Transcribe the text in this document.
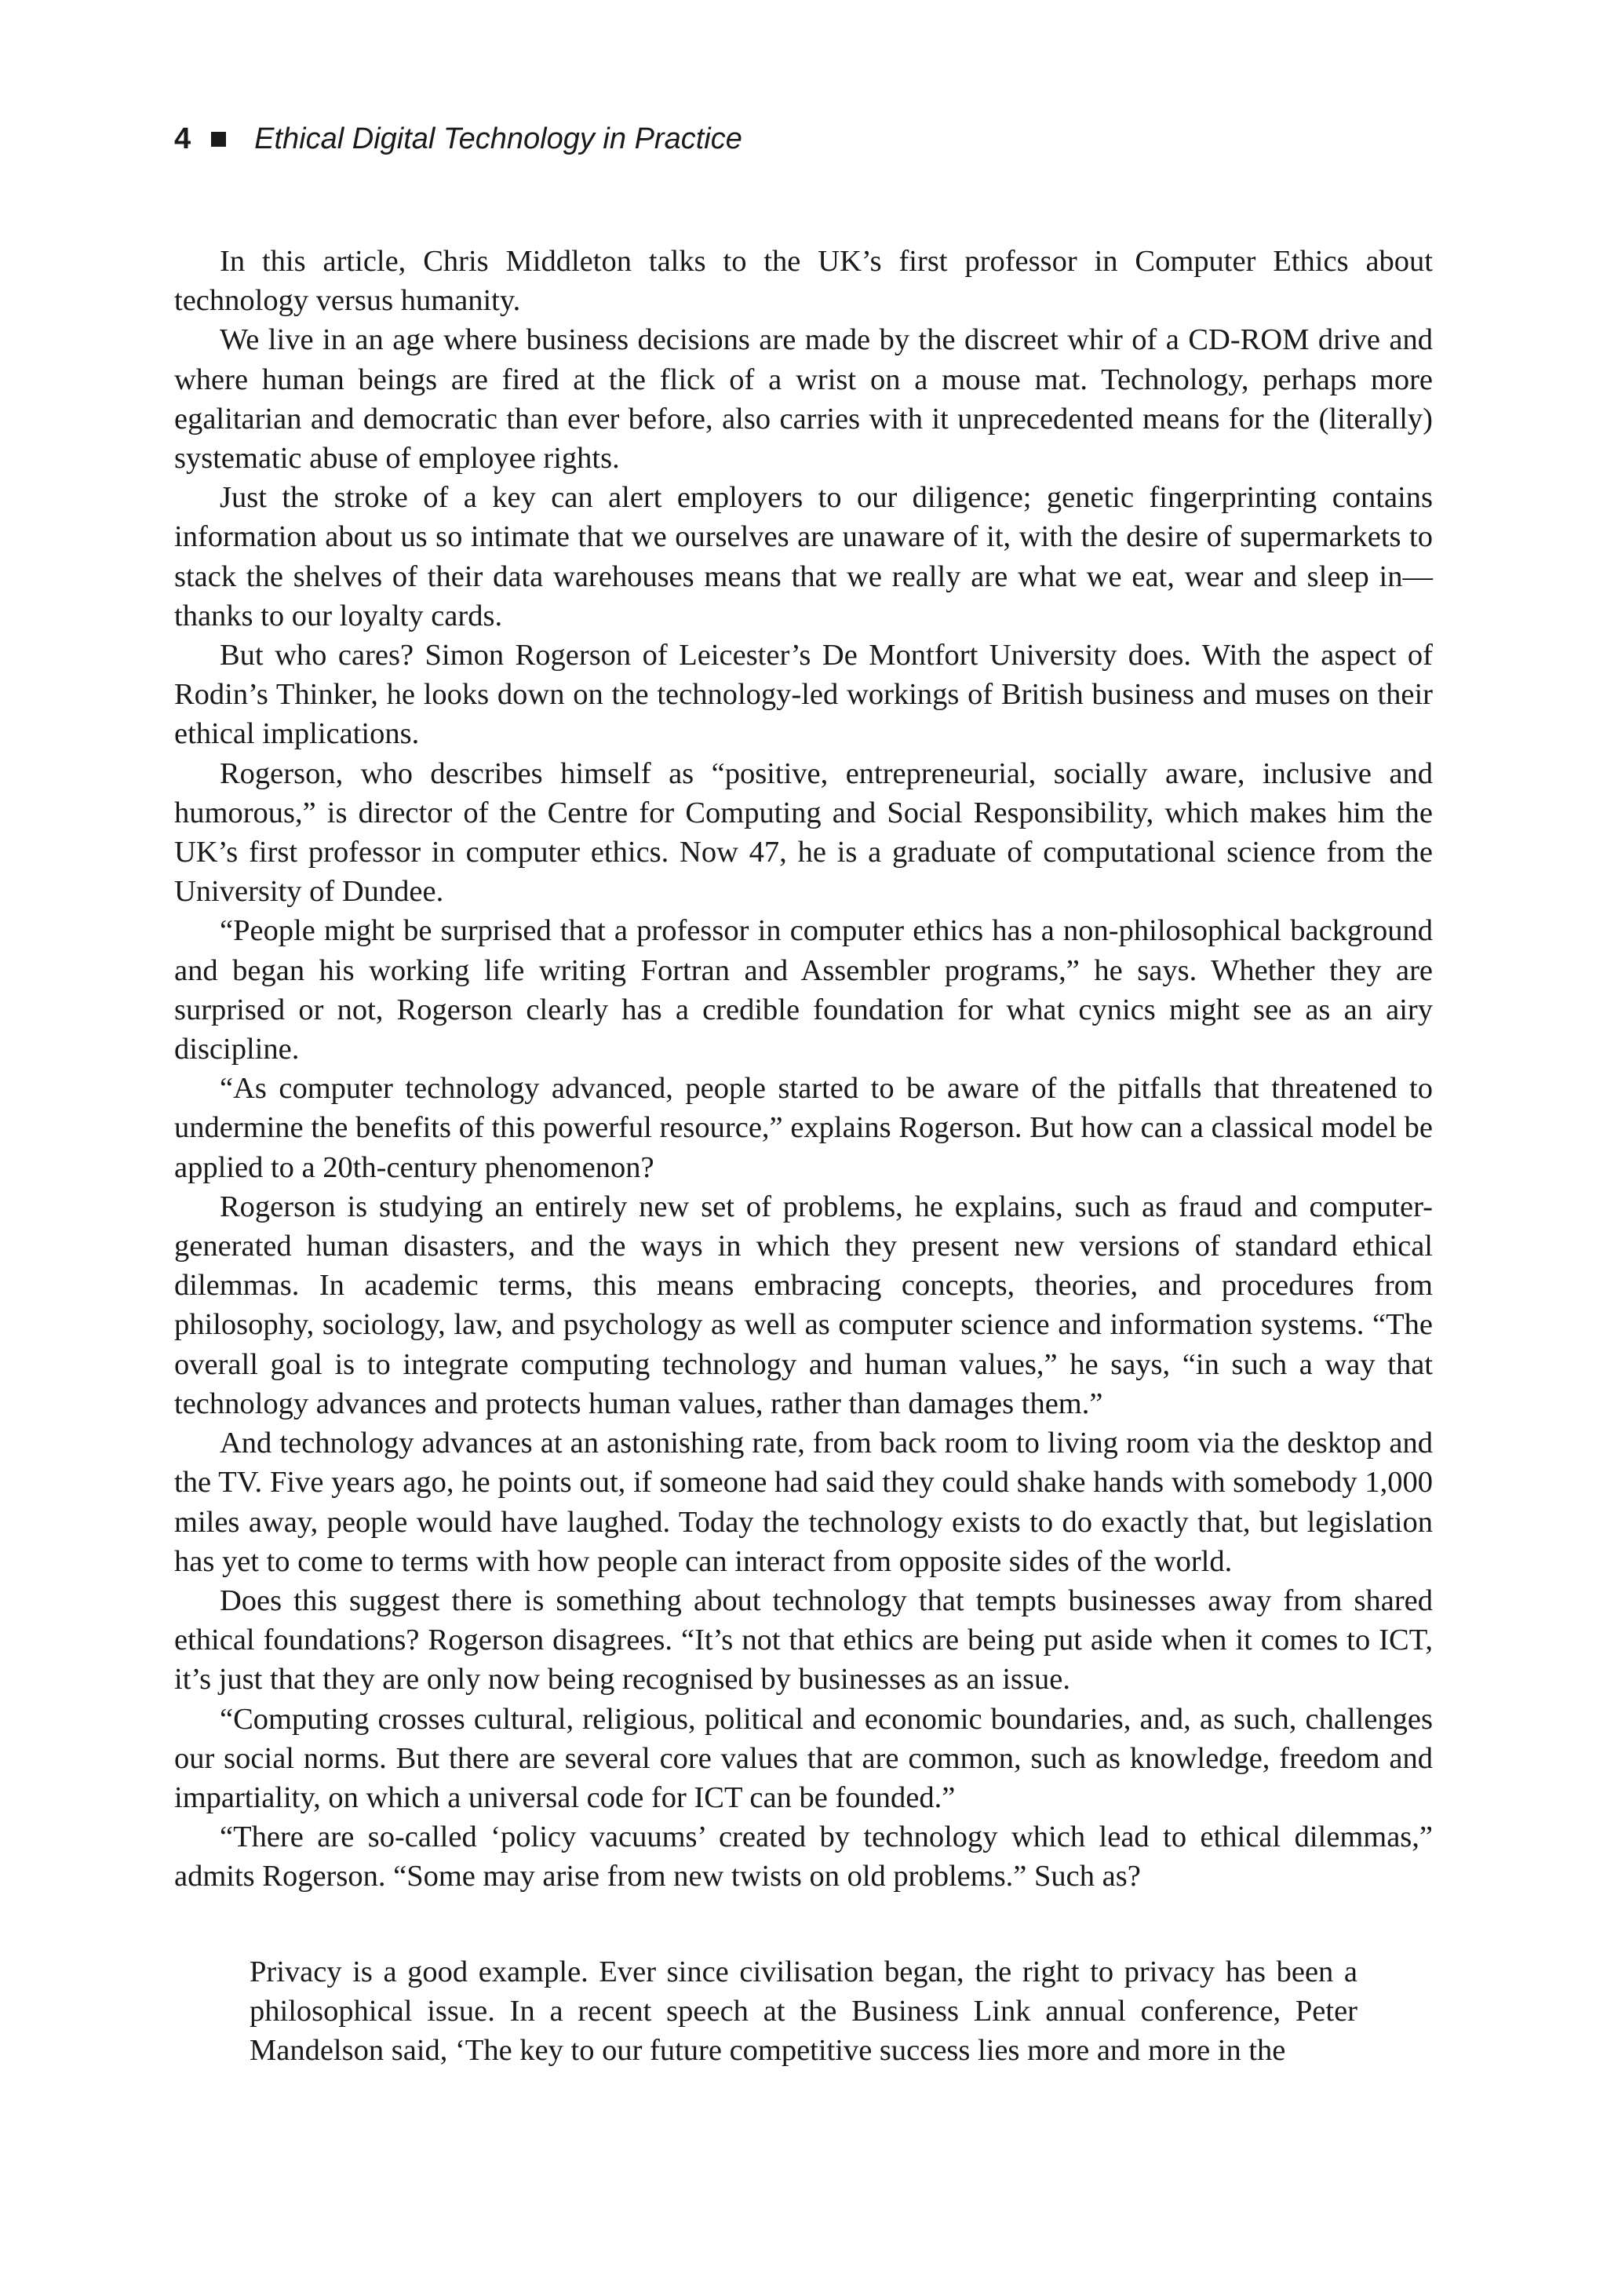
4 Ethical Digital Technology in Practice

In this article, Chris Middleton talks to the UK’s first professor in Computer Ethics about technology versus humanity.

We live in an age where business decisions are made by the discreet whir of a CD-ROM drive and where human beings are fired at the flick of a wrist on a mouse mat. Technology, perhaps more egalitarian and democratic than ever before, also carries with it unprecedented means for the (literally) systematic abuse of employee rights.

Just the stroke of a key can alert employers to our diligence; genetic fingerprinting contains information about us so intimate that we ourselves are unaware of it, with the desire of supermarkets to stack the shelves of their data warehouses means that we really are what we eat, wear and sleep in—thanks to our loyalty cards.

But who cares? Simon Rogerson of Leicester’s De Montfort University does. With the aspect of Rodin’s Thinker, he looks down on the technology-led workings of British business and muses on their ethical implications.

Rogerson, who describes himself as “positive, entrepreneurial, socially aware, inclusive and humorous,” is director of the Centre for Computing and Social Responsibility, which makes him the UK’s first professor in computer ethics. Now 47, he is a graduate of computational science from the University of Dundee.

“People might be surprised that a professor in computer ethics has a non-philosophical background and began his working life writing Fortran and Assembler programs,” he says. Whether they are surprised or not, Rogerson clearly has a credible foundation for what cynics might see as an airy discipline.

“As computer technology advanced, people started to be aware of the pitfalls that threatened to undermine the benefits of this powerful resource,” explains Rogerson. But how can a classical model be applied to a 20th-century phenomenon?

Rogerson is studying an entirely new set of problems, he explains, such as fraud and computer-generated human disasters, and the ways in which they present new versions of standard ethical dilemmas. In academic terms, this means embracing concepts, theories, and procedures from philosophy, sociology, law, and psychology as well as computer science and information systems. “The overall goal is to integrate computing technology and human values,” he says, “in such a way that technology advances and protects human values, rather than damages them.”

And technology advances at an astonishing rate, from back room to living room via the desktop and the TV. Five years ago, he points out, if someone had said they could shake hands with somebody 1,000 miles away, people would have laughed. Today the technology exists to do exactly that, but legislation has yet to come to terms with how people can interact from opposite sides of the world.

Does this suggest there is something about technology that tempts businesses away from shared ethical foundations? Rogerson disagrees. “It’s not that ethics are being put aside when it comes to ICT, it’s just that they are only now being recognised by businesses as an issue.

“Computing crosses cultural, religious, political and economic boundaries, and, as such, challenges our social norms. But there are several core values that are common, such as knowledge, freedom and impartiality, on which a universal code for ICT can be founded.”

“There are so-called ‘policy vacuums’ created by technology which lead to ethical dilemmas,” admits Rogerson. “Some may arise from new twists on old problems.” Such as?

Privacy is a good example. Ever since civilisation began, the right to privacy has been a philosophical issue. In a recent speech at the Business Link annual conference, Peter Mandelson said, ‘The key to our future competitive success lies more and more in the
